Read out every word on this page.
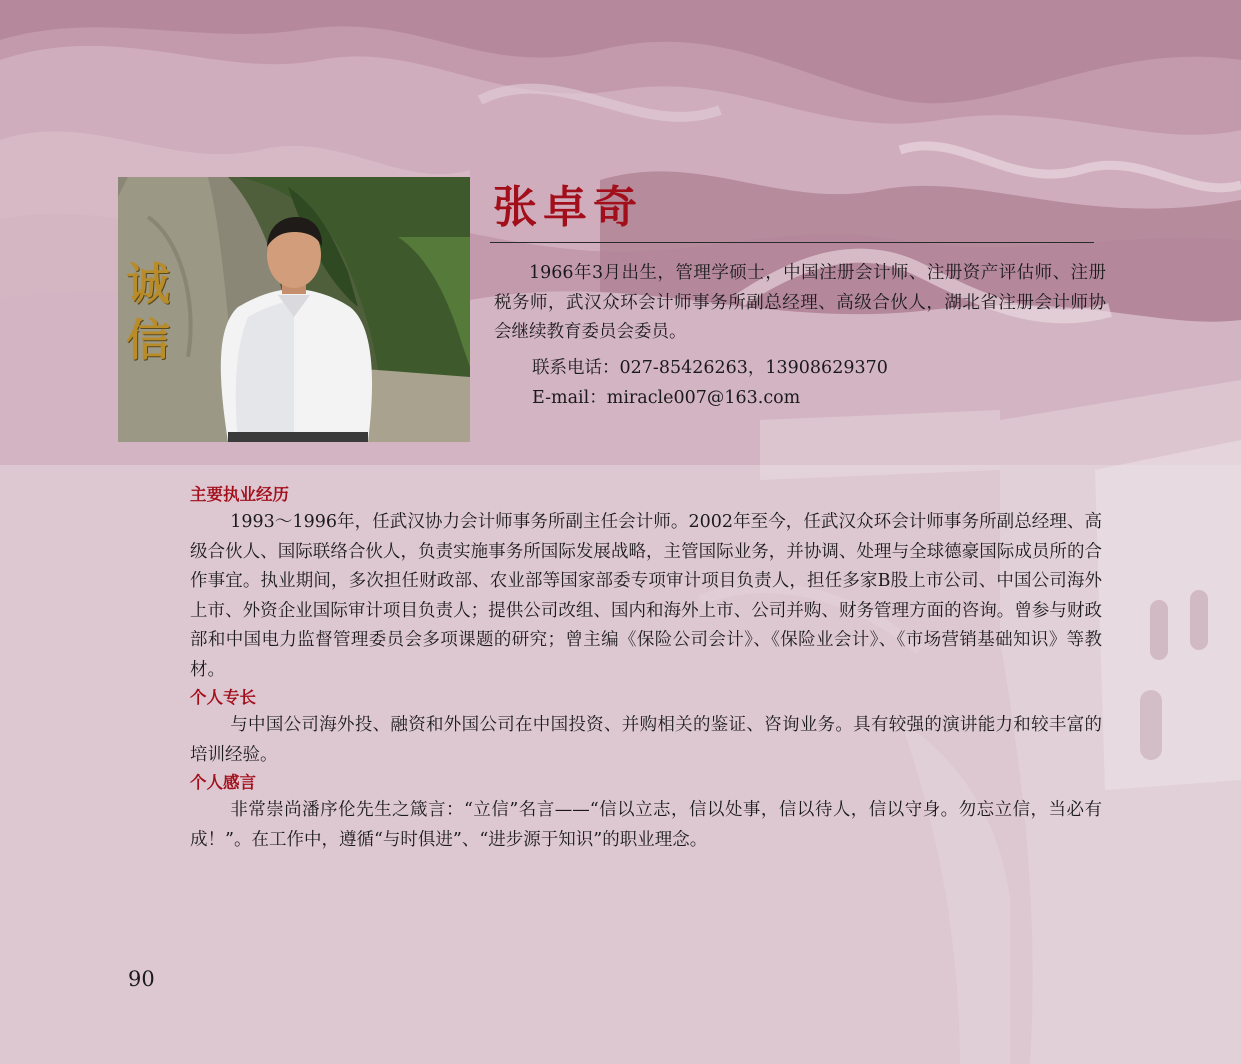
诚信
张卓奇

1966年3月出生，管理学硕士，中国注册会计师、注册资产评估师、注册税务师，武汉众环会计师事务所副总经理、高级合伙人，湖北省注册会计师协会继续教育委员会委员。

联系电话：027-85426263，13908629370
E-mail：miracle007@163.com
主要执业经历

1993～1996年，任武汉协力会计师事务所副主任会计师。2002年至今，任武汉众环会计师事务所副总经理、高级合伙人、国际联络合伙人，负责实施事务所国际发展战略，主管国际业务，并协调、处理与全球德豪国际成员所的合作事宜。执业期间，多次担任财政部、农业部等国家部委专项审计项目负责人，担任多家B股上市公司、中国公司海外上市、外资企业国际审计项目负责人；提供公司改组、国内和海外上市、公司并购、财务管理方面的咨询。曾参与财政部和中国电力监督管理委员会多项课题的研究；曾主编《保险公司会计》、《保险业会计》、《市场营销基础知识》等教材。

个人专长

与中国公司海外投、融资和外国公司在中国投资、并购相关的鉴证、咨询业务。具有较强的演讲能力和较丰富的培训经验。

个人感言

非常崇尚潘序伦先生之箴言：“立信”名言——“信以立志，信以处事，信以待人，信以守身。勿忘立信，当必有成！”。在工作中，遵循“与时俱进”、“进步源于知识”的职业理念。

90
